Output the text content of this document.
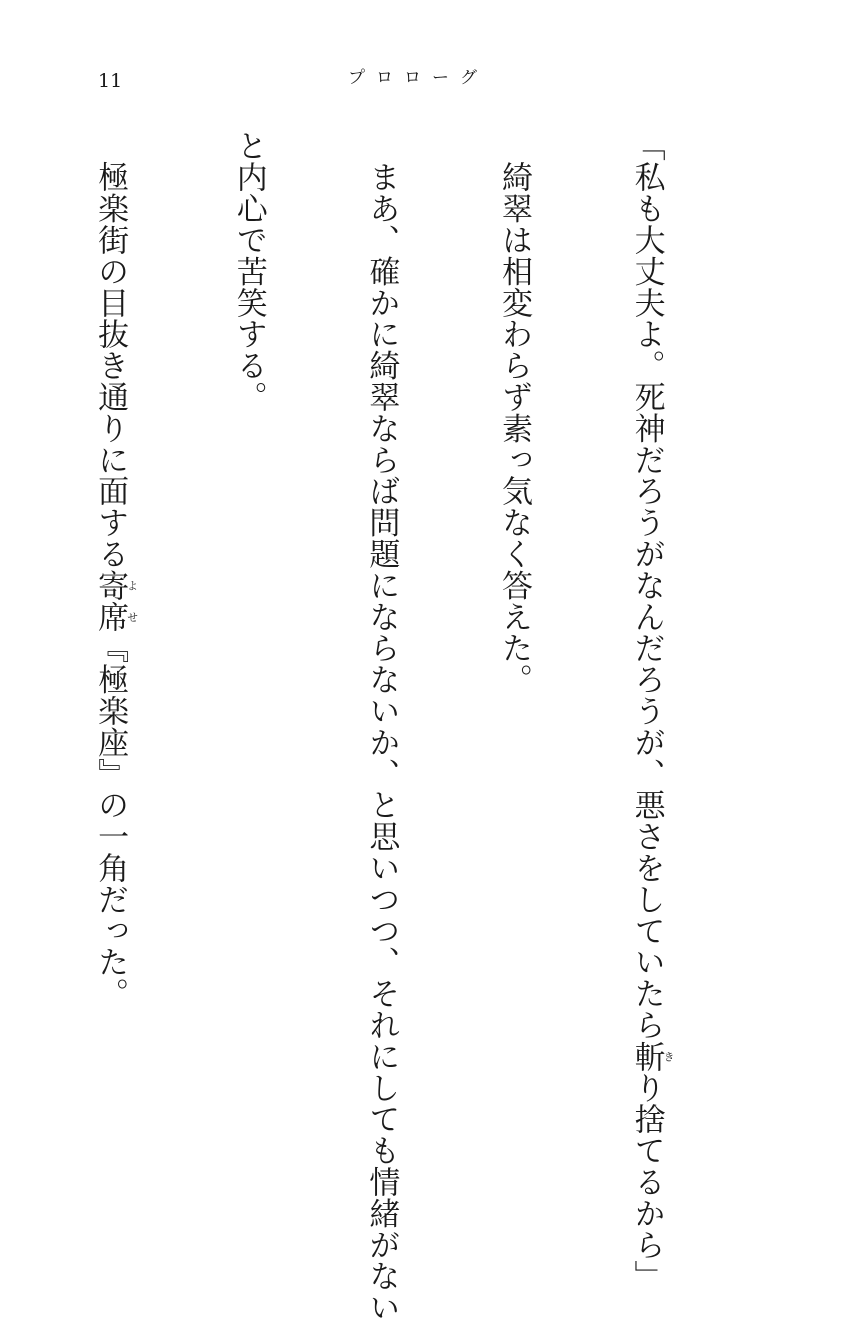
11	プロローグ

「私も大丈夫よ。死神だろうがなんだろうが、悪さをしていたら斬きり捨てるから」

　綺翠は相変わらず素っ気なく答えた。

　まあ、確かに綺翠ならば問題にならないか、と思いつつ、それにしても情緒がない

と内心で苦笑する。

　極楽街の目抜き通りに面する寄席よせ『極楽座』の一角だった。
